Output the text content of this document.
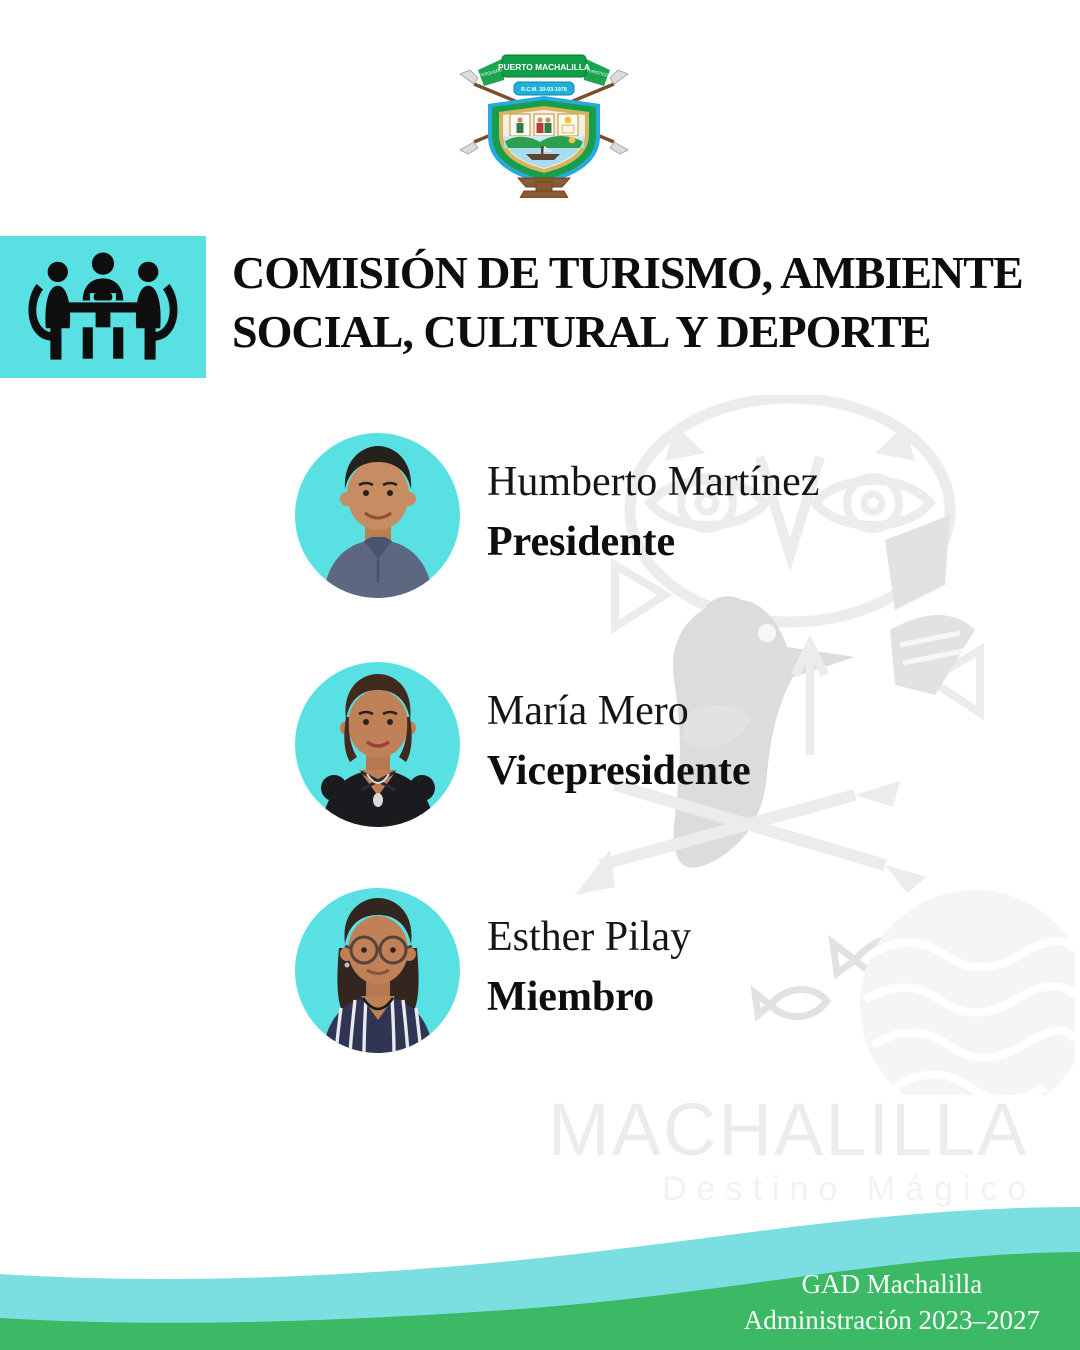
PUERTO MACHALILLA
PESQUERO	TURISTICO
R.C.M. 20-03-1978
COMISIÓN DE TURISMO, AMBIENTE
SOCIAL, CULTURAL Y DEPORTE
MACHALILLA
Destino Mágico
Humberto Martínez
Presidente
María Mero
Vicepresidente
Esther Pilay
Miembro
GAD Machalilla
Administración 2023–2027
